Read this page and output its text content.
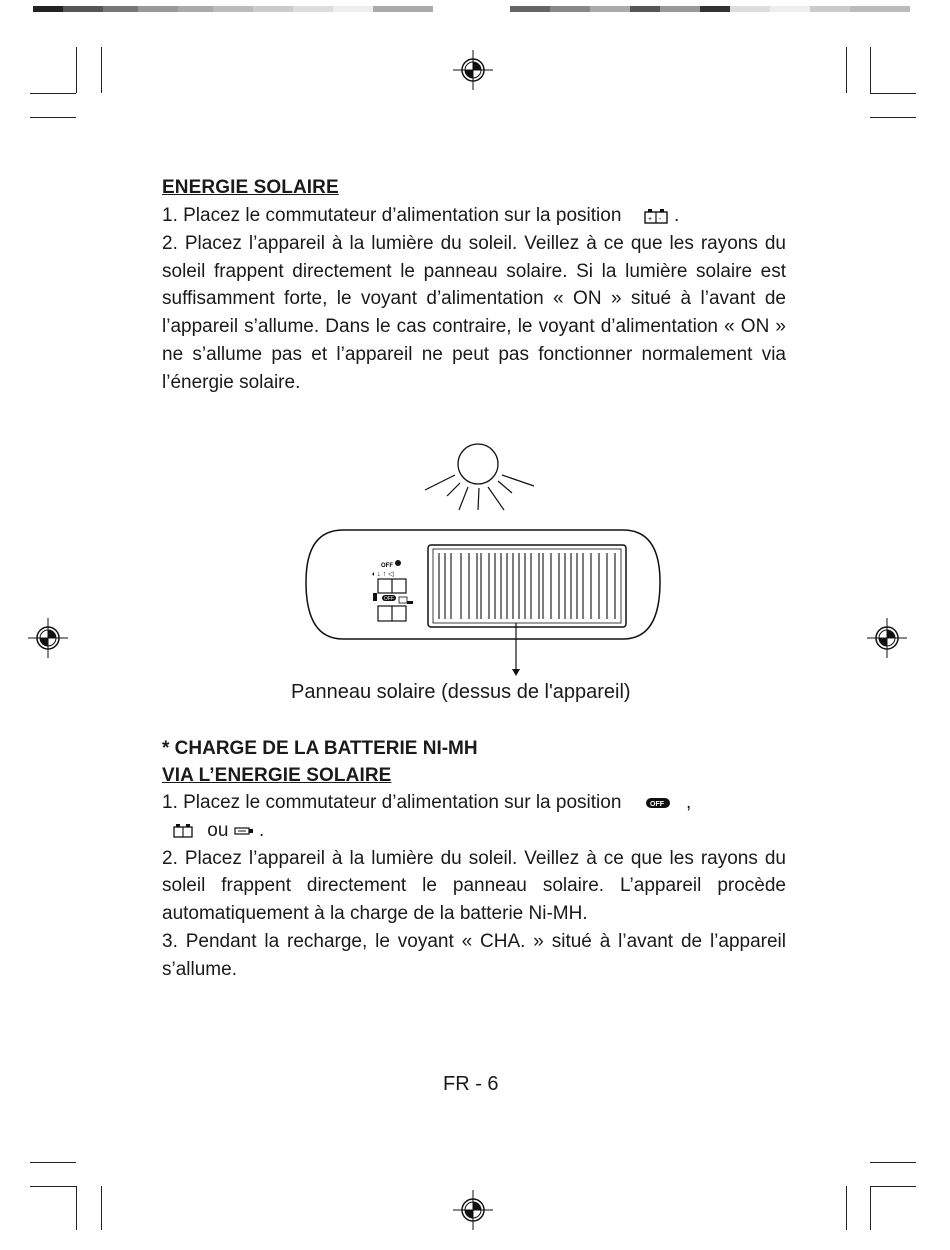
ENERGIE SOLAIRE

1. Placez le commutateur d’alimentation sur la position	+ - .

2. Placez l’appareil à la lumière du soleil. Veillez à ce que les rayons du soleil frappent directement le panneau solaire. Si la lumière solaire est suffisamment forte, le voyant d’alimentation « ON » situé à l’avant de l’appareil s’allume. Dans le cas contraire, le voyant d’alimentation « ON » ne s’allume pas et l’appareil ne peut pas fonctionner normalement via l’énergie solaire.

OFF
◖ ↓ ↑ ◁
OFF
Panneau solaire (dessus de l'appareil)
* CHARGE DE LA BATTERIE NI-MH
VIA L’ENERGIE SOLAIRE

1. Placez le commutateur d’alimentation sur la position	OFF ,

ou .

2. Placez l’appareil à la lumière du soleil. Veillez à ce que les rayons du soleil frappent directement le panneau solaire. L’appareil procède automatiquement à la charge de la batterie Ni-MH.

3. Pendant la recharge, le voyant « CHA. » situé à l’avant de l’appareil s’allume.

FR - 6
